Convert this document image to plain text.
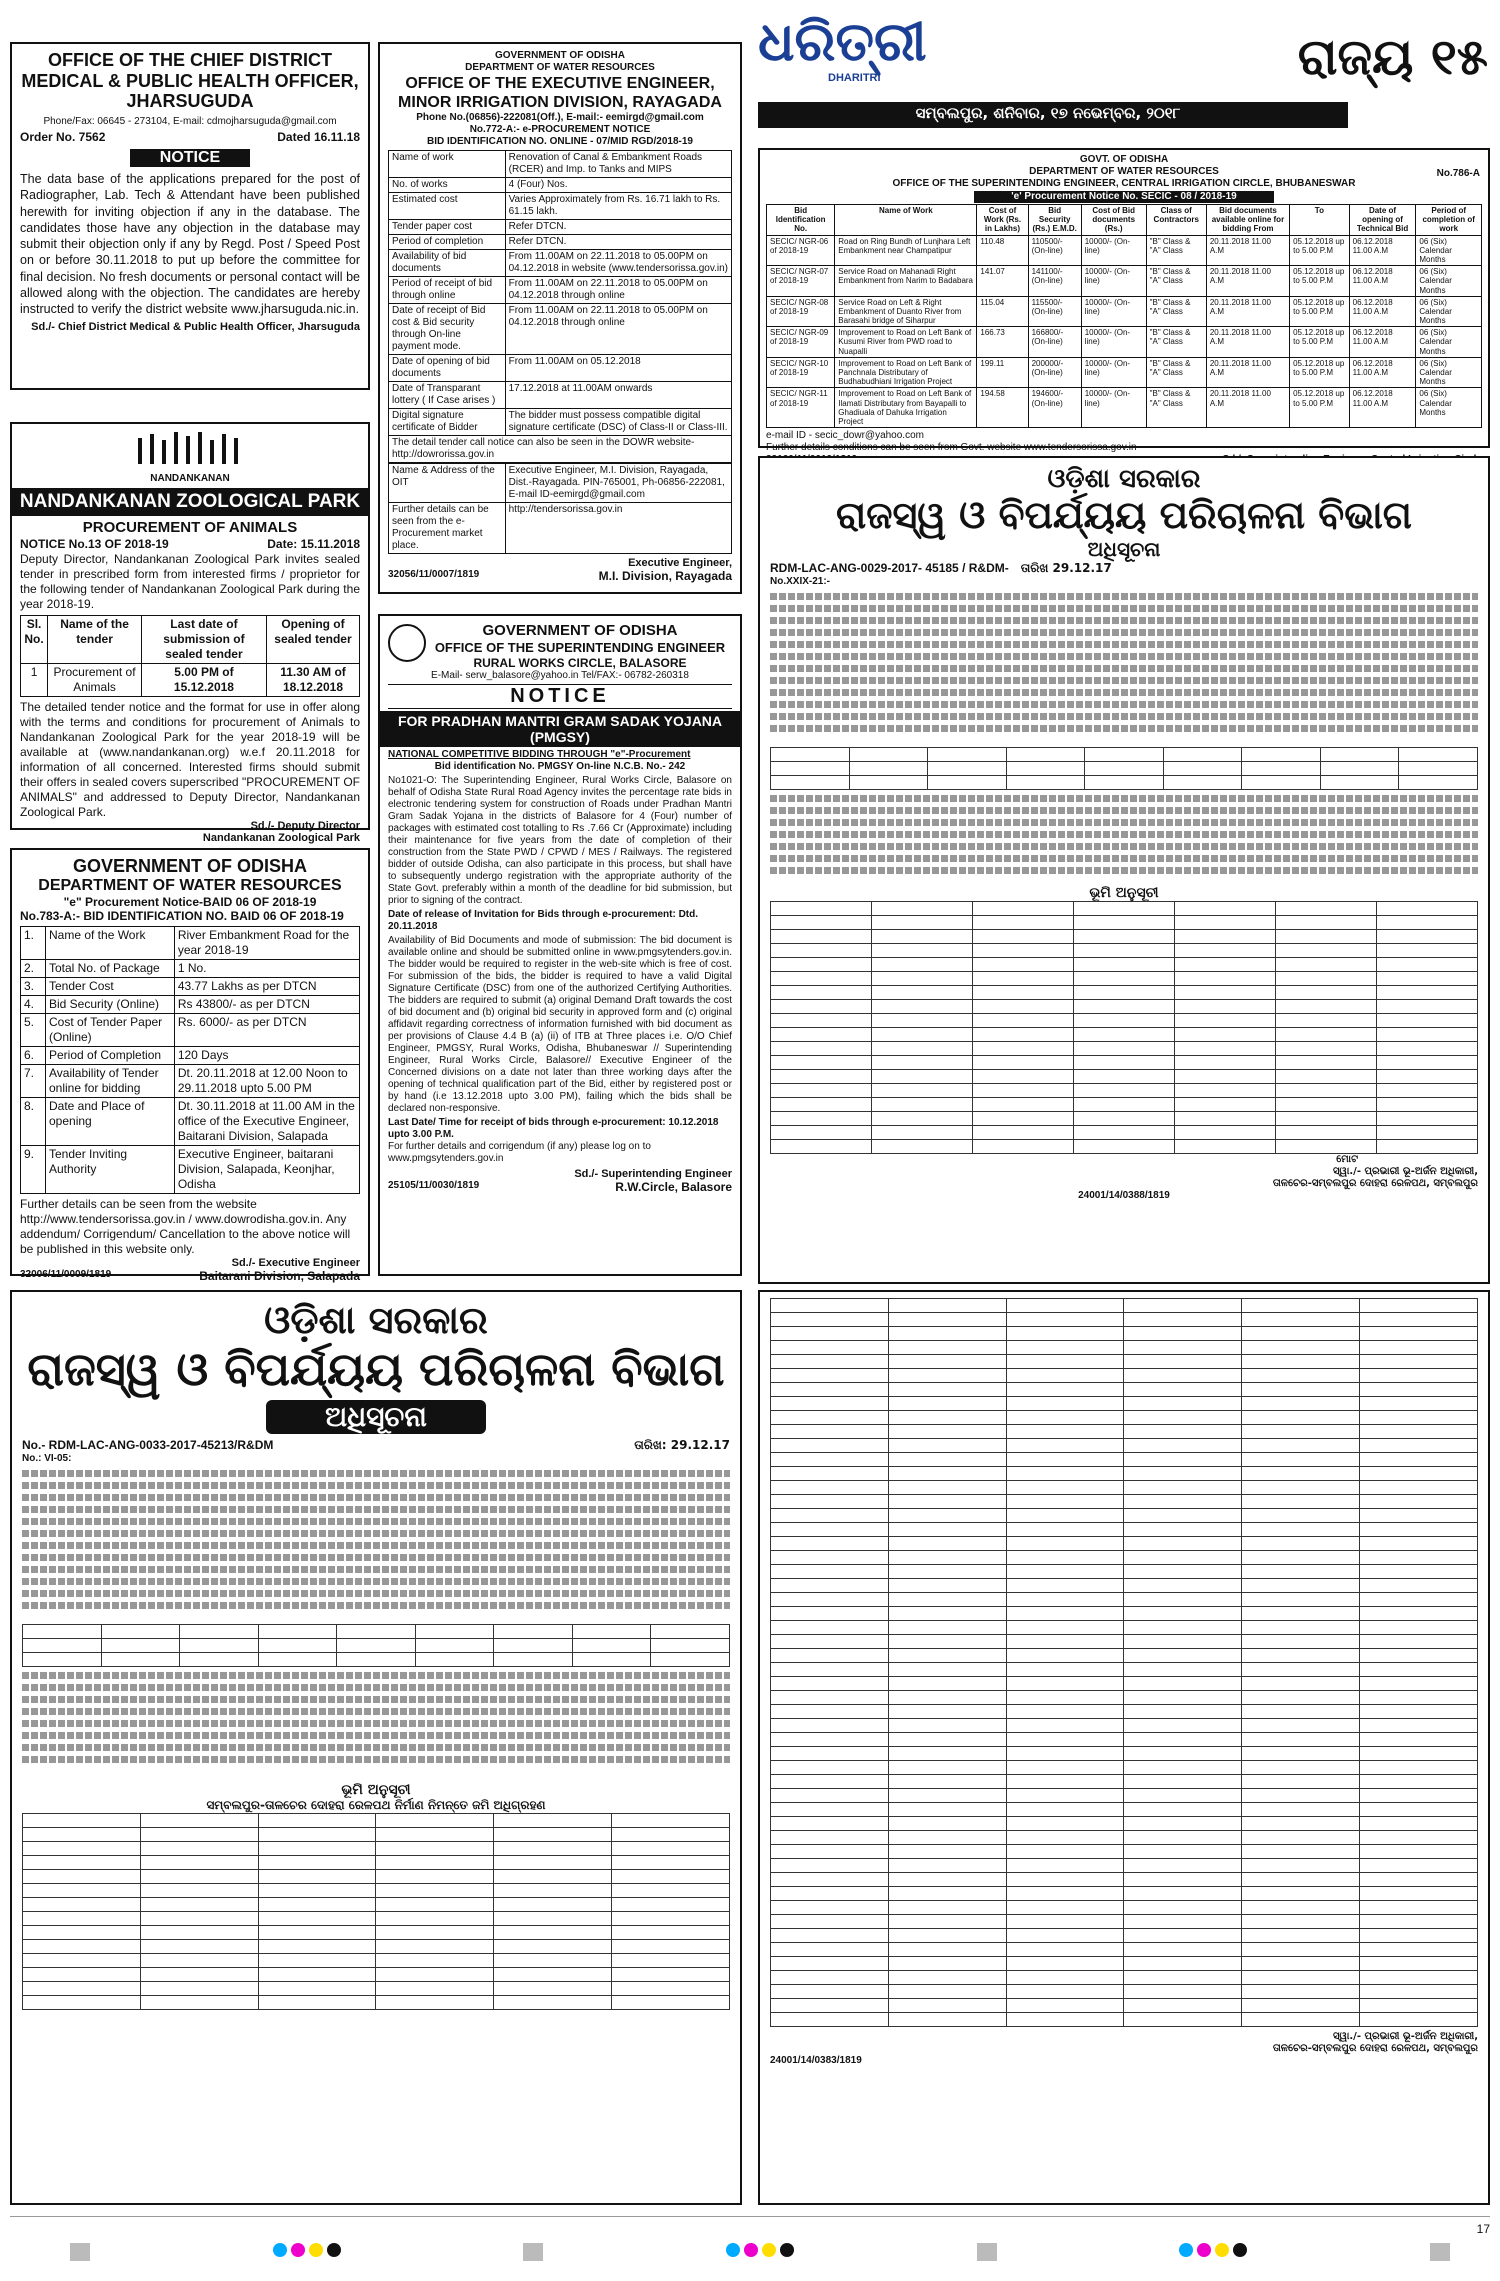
ଧରିତ୍ରୀ
DHARITRI
ସମ୍ବଲପୁର, ଶନିବାର, ୧୭ ନଭେମ୍ବର, ୨୦୧୮
ରାଜ୍ୟ ୧୫
OFFICE OF THE CHIEF DISTRICT MEDICAL & PUBLIC HEALTH OFFICER, JHARSUGUDA
Phone/Fax: 06645 - 273104, E-mail: cdmojharsuguda@gmail.com
Order No. 7562	Dated 16.11.18
NOTICE
The data base of the applications prepared for the post of Radiographer, Lab. Tech & Attendant have been published herewith for inviting objection if any in the database. The candidates those have any objection in the database may submit their objection only if any by Regd. Post / Speed Post on or before 30.11.2018 to put up before the committee for final decision. No fresh documents or personal contact will be allowed along with the objection. The candidates are hereby instructed to verify the district website www.jharsuguda.nic.in.
Sd./- Chief District Medical & Public Health Officer, Jharsuguda
NANDANKANAN
NANDANKANAN ZOOLOGICAL PARK
PROCUREMENT OF ANIMALS
NOTICE No.13 OF 2018-19	Date: 15.11.2018
Deputy Director, Nandankanan Zoological Park invites sealed tender in prescribed form from interested firms / proprietor for the following tender of Nandankanan Zoological Park during the year 2018-19.
Sl. No.	Name of the tender	Last date of submission of sealed tender	Opening of sealed tender
1	Procurement of Animals	5.00 PM of 15.12.2018	11.30 AM of 18.12.2018
The detailed tender notice and the format for use in offer along with the terms and conditions for procurement of Animals to Nandankanan Zoological Park for the year 2018-19 will be available at (www.nandankanan.org) w.e.f 20.11.2018 for information of all concerned. Interested firms should submit their offers in sealed covers superscribed "PROCUREMENT OF ANIMALS" and addressed to Deputy Director, Nandankanan Zoological Park.
Sd./- Deputy Director
Nandankanan Zoological Park
GOVERNMENT OF ODISHA
DEPARTMENT OF WATER RESOURCES
"e" Procurement Notice-BAID 06 OF 2018-19
No.783-A:- BID IDENTIFICATION NO. BAID 06 OF 2018-19
1.	Name of the Work	River Embankment Road for the year 2018-19
2.	Total No. of Package	1 No.
3.	Tender Cost	43.77 Lakhs as per DTCN
4.	Bid Security (Online)	Rs 43800/- as per DTCN
5.	Cost of Tender Paper (Online)	Rs. 6000/- as per DTCN
6.	Period of Completion	120 Days
7.	Availability of Tender online for bidding	Dt. 20.11.2018 at 12.00 Noon to 29.11.2018 upto 5.00 PM
8.	Date and Place of opening	Dt. 30.11.2018 at 11.00 AM in the office of the Executive Engineer, Baitarani Division, Salapada
9.	Tender Inviting Authority	Executive Engineer, baitarani Division, Salapada, Keonjhar, Odisha
Further details can be seen from the website http://www.tendersorissa.gov.in / www.dowrodisha.gov.in. Any addendum/ Corrigendum/ Cancellation to the above notice will be published in this website only.
Sd./- Executive Engineer
32006/11/0009/1819	Baitarani Division, Salapada
GOVERNMENT OF ODISHA
DEPARTMENT OF WATER RESOURCES
OFFICE OF THE EXECUTIVE ENGINEER, MINOR IRRIGATION DIVISION, RAYAGADA
Phone No.(06856)-222081(Off.), E-mail:- eemirgd@gmail.com
No.772-A:- e-PROCUREMENT NOTICE
BID IDENTIFICATION NO. ONLINE - 07/MID RGD/2018-19
Name of work	Renovation of Canal & Embankment Roads (RCER) and Imp. to Tanks and MIPS
No. of works	4 (Four) Nos.
Estimated cost	Varies Approximately from Rs. 16.71 lakh to Rs. 61.15 lakh.
Tender paper cost	Refer DTCN.
Period of completion	Refer DTCN.
Availability of bid documents	From 11.00AM on 22.11.2018 to 05.00PM on 04.12.2018 in website (www.tendersorissa.gov.in)
Period of receipt of bid through online	From 11.00AM on 22.11.2018 to 05.00PM on 04.12.2018 through online
Date of receipt of Bid cost & Bid security through On-line payment mode.	From 11.00AM on 22.11.2018 to 05.00PM on 04.12.2018 through online
Date of opening of bid documents	From 11.00AM on 05.12.2018
Date of Transparant lottery ( If Case arises )	17.12.2018 at 11.00AM onwards
Digital signature certificate of Bidder	The bidder must possess compatible digital signature certificate (DSC) of Class-II or Class-III.
The detail tender call notice can also be seen in the DOWR website- http://dowrorissa.gov.in
Name & Address of the OIT	Executive Engineer, M.I. Division, Rayagada, Dist.-Rayagada. PIN-765001, Ph-06856-222081, E-mail ID-eemirgd@gmail.com
Further details can be seen from the e-Procurement market place.	http://tendersorissa.gov.in
Executive Engineer,
32056/11/0007/1819	M.I. Division, Rayagada
GOVERNMENT OF ODISHA
OFFICE OF THE SUPERINTENDING ENGINEER
RURAL WORKS CIRCLE, BALASORE
E-Mail- serw_balasore@yahoo.in Tel/FAX:- 06782-260318
NOTICE
FOR PRADHAN MANTRI GRAM SADAK YOJANA (PMGSY)
NATIONAL COMPETITIVE BIDDING THROUGH "e"-Procurement
Bid identification No. PMGSY On-line N.C.B. No.- 242
No1021-O: The Superintending Engineer, Rural Works Circle, Balasore on behalf of Odisha State Rural Road Agency invites the percentage rate bids in electronic tendering system for construction of Roads under Pradhan Mantri Gram Sadak Yojana in the districts of Balasore for 4 (Four) number of packages with estimated cost totalling to Rs .7.66 Cr (Approximate) including their maintenance for five years from the date of completion of their construction from the State PWD / CPWD / MES / Railways. The registered bidder of outside Odisha, can also participate in this process, but shall have to subsequently undergo registration with the appropriate authority of the State Govt. preferably within a month of the deadline for bid submission, but prior to signing of the contract.
Date of release of Invitation for Bids through e-procurement: Dtd. 20.11.2018
Availability of Bid Documents and mode of submission: The bid document is available online and should be submitted online in www.pmgsytenders.gov.in. The bidder would be required to register in the web-site which is free of cost. For submission of the bids, the bidder is required to have a valid Digital Signature Certificate (DSC) from one of the authorized Certifying Authorities. The bidders are required to submit (a) original Demand Draft towards the cost of bid document and (b) original bid security in approved form and (c) original affidavit regarding correctness of information furnished with bid document as per provisions of Clause 4.4 B (a) (ii) of ITB at Three places i.e. O/O Chief Engineer, PMGSY, Rural Works, Odisha, Bhubaneswar // Superintending Engineer, Rural Works Circle, Balasore// Executive Engineer of the Concerned divisions on a date not later than three working days after the opening of technical qualification part of the Bid, either by registered post or by hand (i.e 13.12.2018 upto 3.00 PM), failing which the bids shall be declared non-responsive.
Last Date/ Time for receipt of bids through e-procurement: 10.12.2018 upto 3.00 P.M.
For further details and corrigendum (if any) please log on to www.pmgsytenders.gov.in
Sd./- Superintending Engineer
25105/11/0030/1819	R.W.Circle, Balasore
GOVT. OF ODISHA
DEPARTMENT OF WATER RESOURCES
OFFICE OF THE SUPERINTENDING ENGINEER, CENTRAL IRRIGATION CIRCLE, BHUBANESWAR
No.786-A
'e' Procurement Notice No. SECIC - 08 / 2018-19
Bid Identification No.	Name of Work	Cost of Work (Rs. in Lakhs)	Bid Security (Rs.) E.M.D.	Cost of Bid documents (Rs.)	Class of Contractors	Bid documents available online for bidding From	To	Date of opening of Technical Bid	Period of completion of work
SECIC/ NGR-06 of 2018-19	Road on Ring Bundh of Lunjhara Left Embankment near Champatipur	110.48	110500/- (On-line)	10000/- (On-line)	"B" Class & "A" Class	20.11.2018 11.00 A.M	05.12.2018 up to 5.00 P.M	06.12.2018 11.00 A.M	06 (Six) Calendar Months
SECIC/ NGR-07 of 2018-19	Service Road on Mahanadi Right Embankment from Narim to Badabara	141.07	141100/- (On-line)	10000/- (On-line)	"B" Class & "A" Class	20.11.2018 11.00 A.M	05.12.2018 up to 5.00 P.M	06.12.2018 11.00 A.M	06 (Six) Calendar Months
SECIC/ NGR-08 of 2018-19	Service Road on Left & Right Embankment of Duanto River from Barasahi bridge of Siharpur	115.04	115500/- (On-line)	10000/- (On-line)	"B" Class & "A" Class	20.11.2018 11.00 A.M	05.12.2018 up to 5.00 P.M	06.12.2018 11.00 A.M	06 (Six) Calendar Months
SECIC/ NGR-09 of 2018-19	Improvement to Road on Left Bank of Kusumi River from PWD road to Nuapalli	166.73	166800/- (On-line)	10000/- (On-line)	"B" Class & "A" Class	20.11.2018 11.00 A.M	05.12.2018 up to 5.00 P.M	06.12.2018 11.00 A.M	06 (Six) Calendar Months
SECIC/ NGR-10 of 2018-19	Improvement to Road on Left Bank of Panchnala Distributary of Budhabudhiani Irrigation Project	199.11	200000/- (On-line)	10000/- (On-line)	"B" Class & "A" Class	20.11.2018 11.00 A.M	05.12.2018 up to 5.00 P.M	06.12.2018 11.00 A.M	06 (Six) Calendar Months
SECIC/ NGR-11 of 2018-19	Improvement to Road on Left Bank of Ilamati Distributary from Bayapalli to Ghadiuala of Dahuka Irrigation Project	194.58	194600/- (On-line)	10000/- (On-line)	"B" Class & "A" Class	20.11.2018 11.00 A.M	05.12.2018 up to 5.00 P.M	06.12.2018 11.00 A.M	06 (Six) Calendar Months
e-mail ID - secic_dowr@yahoo.com
Further details conditions can be seen from Govt. website www.tendersorissa.gov.in
ଓଡ଼ିଶା ସରକାର
ରାଜସ୍ୱ ଓ ବିପର୍ଯ୍ୟୟ ପରିଚାଳନା ବିଭାଗ
ଅଧିସୂଚନା
RDM-LAC-ANG-0029-2017- 45185 / R&DM- ତାରିଖ 29.12.17
No.XXIX-21:-

ଭୂମି ଅନୁସୂଚୀ

ମୋଟ
ସ୍ୱା./- ପ୍ରଭାରୀ ଭୂ-ଅର୍ଜନ ଅଧିକାରୀ,
ତାଳଚେର-ସମ୍ବଲପୁର ଦୋହରା ରେଳପଥ, ସମ୍ବଲପୁର
24001/14/0388/1819
ଓଡ଼ିଶା ସରକାର
ରାଜସ୍ୱ ଓ ବିପର୍ଯ୍ୟୟ ପରିଚାଳନା ବିଭାଗ
ଅଧିସୂଚନା
No.- RDM-LAC-ANG-0033-2017-45213/R&DM	ତାରିଖ: 29.12.17
No.: VI-05:

ଭୂମି ଅନୁସୂଚୀ
ସମ୍ବଲପୁର-ତାଳଚେର ଦୋହରା ରେଳପଥ ନିର୍ମାଣ ନିମନ୍ତେ ଜମି ଅଧିଗ୍ରହଣ

ସ୍ୱା./- ପ୍ରଭାରୀ ଭୂ-ଅର୍ଜନ ଅଧିକାରୀ,
ତାଳଚେର-ସମ୍ବଲପୁର ଦୋହରା ରେଳପଥ, ସମ୍ବଲପୁର
24001/14/0383/1819
17
